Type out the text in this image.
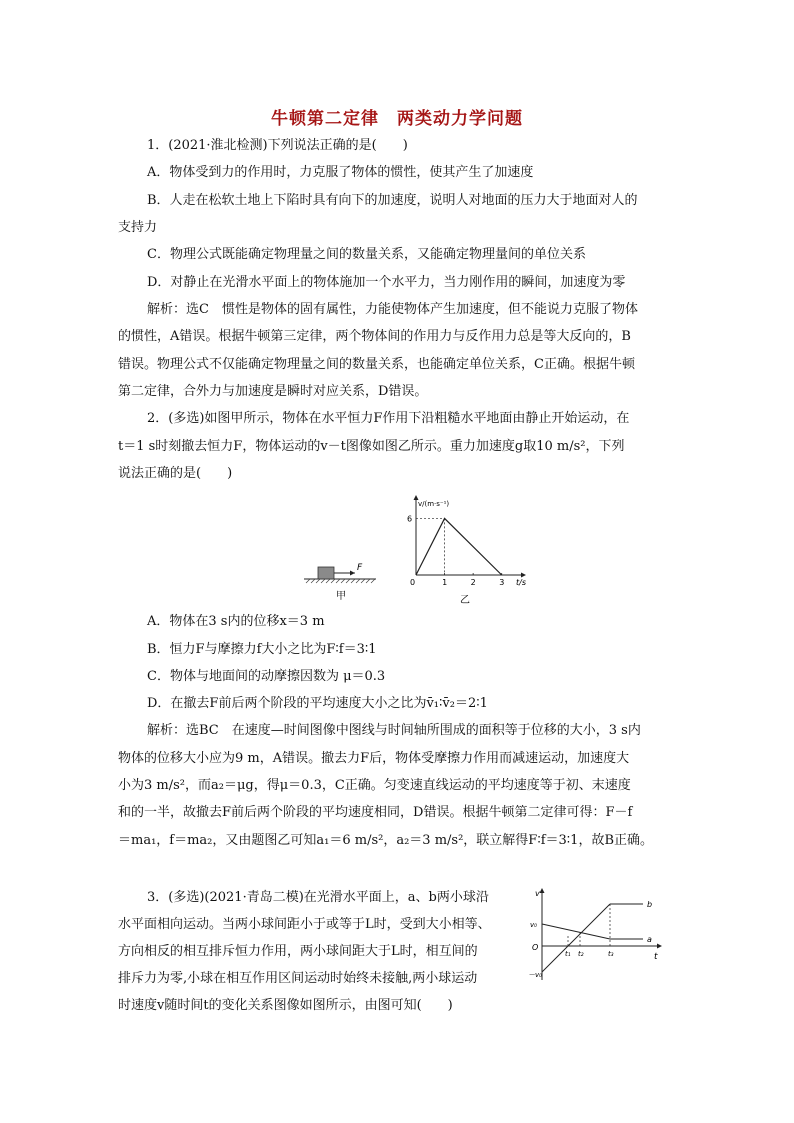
牛顿第二定律 两类动力学问题
1．(2021·淮北检测)下列说法正确的是(　　)
A．物体受到力的作用时，力克服了物体的惯性，使其产生了加速度
B．人走在松软土地上下陷时具有向下的加速度，说明人对地面的压力大于地面对人的
支持力
C．物理公式既能确定物理量之间的数量关系，又能确定物理量间的单位关系
D．对静止在光滑水平面上的物体施加一个水平力，当力刚作用的瞬间，加速度为零
解析：选C　惯性是物体的固有属性，力能使物体产生加速度，但不能说力克服了物体
的惯性，A错误。根据牛顿第三定律，两个物体间的作用力与反作用力总是等大反向的，B
错误。物理公式不仅能确定物理量之间的数量关系，也能确定单位关系，C正确。根据牛顿
第二定律，合外力与加速度是瞬时对应关系，D错误。
2．(多选)如图甲所示，物体在水平恒力F作用下沿粗糙水平地面由静止开始运动，在
t＝1 s时刻撤去恒力F，物体运动的v－t图像如图乙所示。重力加速度g取10 m/s²，下列
说法正确的是(　　)
F
甲
v/(m·s⁻¹)
t/s
0	1	2	3
6
乙
A．物体在3 s内的位移x＝3 m
B．恒力F与摩擦力f大小之比为F∶f＝3∶1
C．物体与地面间的动摩擦因数为 μ＝0.3
D．在撤去F前后两个阶段的平均速度大小之比为v̄₁∶v̄₂＝2∶1
解析：选BC　在速度—时间图像中图线与时间轴所围成的面积等于位移的大小，3 s内
物体的位移大小应为9 m，A错误。撤去力F后，物体受摩擦力作用而减速运动，加速度大
小为3 m/s²，而a₂＝μg，得μ＝0.3，C正确。匀变速直线运动的平均速度等于初、末速度
和的一半，故撤去F前后两个阶段的平均速度相同，D错误。根据牛顿第二定律可得：F－f
＝ma₁，f＝ma₂，又由题图乙可知a₁＝6 m/s²，a₂＝3 m/s²，联立解得F∶f＝3∶1，故B正确。
3．(多选)(2021·青岛二模)在光滑水平面上，a、b两小球沿
水平面相向运动。当两小球间距小于或等于L时，受到大小相等、
方向相反的相互排斥恒力作用，两小球间距大于L时，相互间的
排斥力为零,小球在相互作用区间运动时始终未接触,两小球运动
时速度v随时间t的变化关系图像如图所示，由图可知(　　)
v
t
O
v₀
－v₀
a
b
t₁ t₂	t₃
